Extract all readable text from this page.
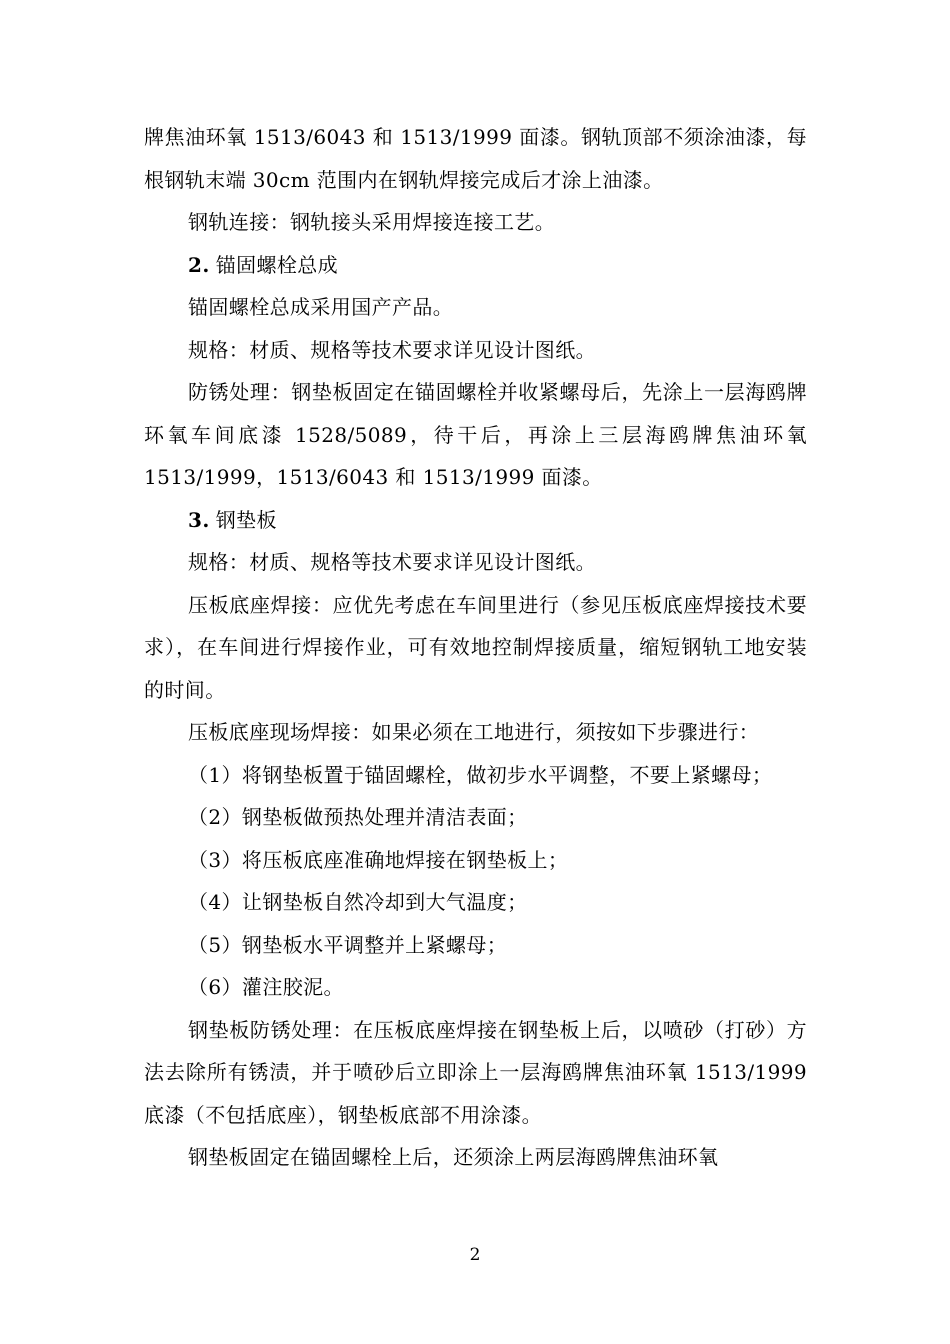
牌焦油环氧 1513/6043 和 1513/1999 面漆。钢轨顶部不须涂油漆，每根钢轨末端 30cm 范围内在钢轨焊接完成后才涂上油漆。

钢轨连接：钢轨接头采用焊接连接工艺。

2. 锚固螺栓总成

锚固螺栓总成采用国产产品。

规格：材质、规格等技术要求详见设计图纸。

防锈处理：钢垫板固定在锚固螺栓并收紧螺母后，先涂上一层海鸥牌环氧车间底漆 1528/5089，待干后，再涂上三层海鸥牌焦油环氧 1513/1999，1513/6043 和 1513/1999 面漆。

3. 钢垫板

规格：材质、规格等技术要求详见设计图纸。

压板底座焊接：应优先考虑在车间里进行（参见压板底座焊接技术要求），在车间进行焊接作业，可有效地控制焊接质量，缩短钢轨工地安装的时间。

压板底座现场焊接：如果必须在工地进行，须按如下步骤进行：

（1）将钢垫板置于锚固螺栓，做初步水平调整，不要上紧螺母；

（2）钢垫板做预热处理并清洁表面；

（3）将压板底座准确地焊接在钢垫板上；

（4）让钢垫板自然冷却到大气温度；

（5）钢垫板水平调整并上紧螺母；

（6）灌注胶泥。

钢垫板防锈处理：在压板底座焊接在钢垫板上后，以喷砂（打砂）方法去除所有锈渍，并于喷砂后立即涂上一层海鸥牌焦油环氧 1513/1999 底漆（不包括底座），钢垫板底部不用涂漆。

钢垫板固定在锚固螺栓上后，还须涂上两层海鸥牌焦油环氧

2
